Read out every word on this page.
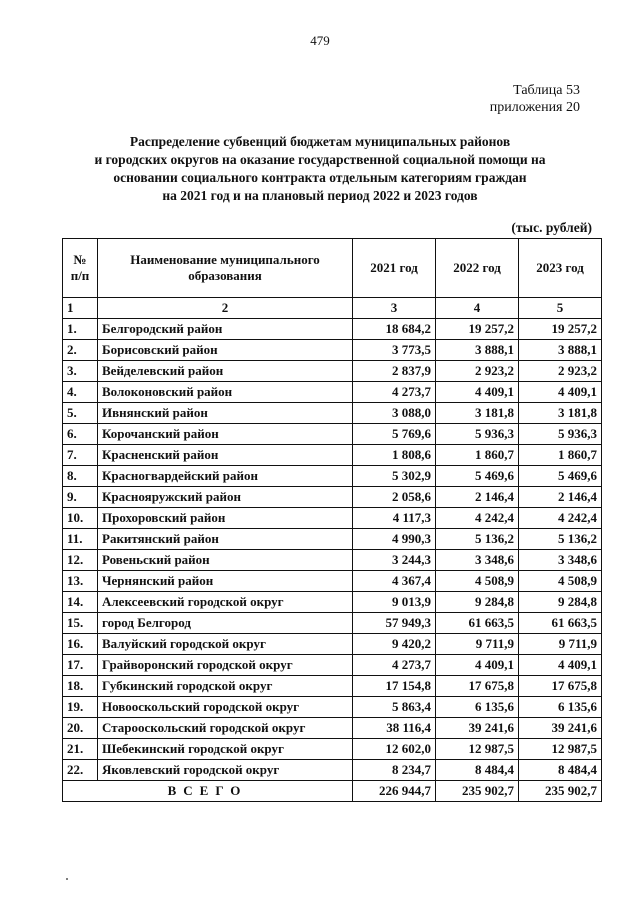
479
Таблица 53
приложения 20
Распределение субвенций бюджетам муниципальных районов
и городских округов на оказание государственной социальной помощи на
основании социального контракта отдельным категориям граждан
на 2021 год и на плановый период 2022 и 2023 годов
(тыс. рублей)
№ п/п	Наименование муниципального образования	2021 год	2022 год	2023 год
1	2	3	4	5
1.	Белгородский район	18 684,2	19 257,2	19 257,2
2.	Борисовский район	3 773,5	3 888,1	3 888,1
3.	Вейделевский район	2 837,9	2 923,2	2 923,2
4.	Волоконовский район	4 273,7	4 409,1	4 409,1
5.	Ивнянский район	3 088,0	3 181,8	3 181,8
6.	Корочанский район	5 769,6	5 936,3	5 936,3
7.	Красненский район	1 808,6	1 860,7	1 860,7
8.	Красногвардейский район	5 302,9	5 469,6	5 469,6
9.	Краснояружский район	2 058,6	2 146,4	2 146,4
10.	Прохоровский район	4 117,3	4 242,4	4 242,4
11.	Ракитянский район	4 990,3	5 136,2	5 136,2
12.	Ровеньский район	3 244,3	3 348,6	3 348,6
13.	Чернянский район	4 367,4	4 508,9	4 508,9
14.	Алексеевский городской округ	9 013,9	9 284,8	9 284,8
15.	город Белгород	57 949,3	61 663,5	61 663,5
16.	Валуйский городской округ	9 420,2	9 711,9	9 711,9
17.	Грайворонский городской округ	4 273,7	4 409,1	4 409,1
18.	Губкинский городской округ	17 154,8	17 675,8	17 675,8
19.	Новооскольский городской округ	5 863,4	6 135,6	6 135,6
20.	Старооскольский городской округ	38 116,4	39 241,6	39 241,6
21.	Шебекинский городской округ	12 602,0	12 987,5	12 987,5
22.	Яковлевский городской округ	8 234,7	8 484,4	8 484,4
ВСЕГО		226 944,7	235 902,7	235 902,7
